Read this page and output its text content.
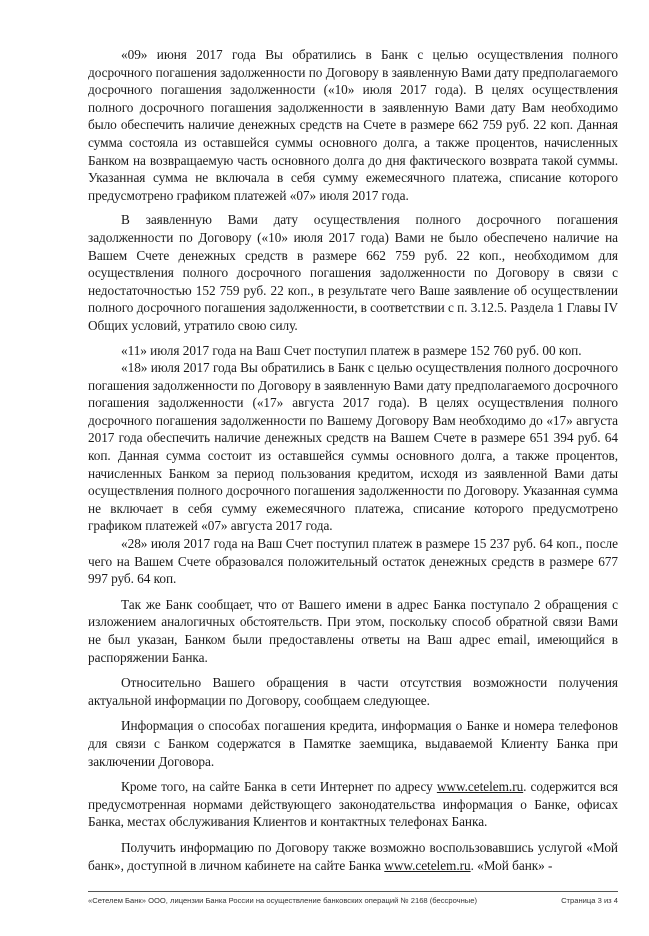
«09» июня 2017 года Вы обратились в Банк с целью осуществления полного досрочного погашения задолженности по Договору в заявленную Вами дату предполагаемого досрочного погашения задолженности («10» июля 2017 года). В целях осуществления полного досрочного погашения задолженности в заявленную Вами дату Вам необходимо было обеспечить наличие денежных средств на Счете в размере 662 759 руб. 22 коп. Данная сумма состояла из оставшейся суммы основного долга, а также процентов, начисленных Банком на возвращаемую часть основного долга до дня фактического возврата такой суммы. Указанная сумма не включала в себя сумму ежемесячного платежа, списание которого предусмотрено графиком платежей «07» июля 2017 года.

В заявленную Вами дату осуществления полного досрочного погашения задолженности по Договору («10» июля 2017 года) Вами не было обеспечено наличие на Вашем Счете денежных средств в размере 662 759 руб. 22 коп., необходимом для осуществления полного досрочного погашения задолженности по Договору в связи с недостаточностью 152 759 руб. 22 коп., в результате чего Ваше заявление об осуществлении полного досрочного погашения задолженности, в соответствии с п. 3.12.5. Раздела 1 Главы IV Общих условий, утратило свою силу.

«11» июля 2017 года на Ваш Счет поступил платеж в размере 152 760 руб. 00 коп.

«18» июля 2017 года Вы обратились в Банк с целью осуществления полного досрочного погашения задолженности по Договору в заявленную Вами дату предполагаемого досрочного погашения задолженности («17» августа 2017 года). В целях осуществления полного досрочного погашения задолженности по Вашему Договору Вам необходимо до «17» августа 2017 года обеспечить наличие денежных средств на Вашем Счете в размере 651 394 руб. 64 коп. Данная сумма состоит из оставшейся суммы основного долга, а также процентов, начисленных Банком за период пользования кредитом, исходя из заявленной Вами даты осуществления полного досрочного погашения задолженности по Договору. Указанная сумма не включает в себя сумму ежемесячного платежа, списание которого предусмотрено графиком платежей «07» августа 2017 года.

«28» июля 2017 года на Ваш Счет поступил платеж в размере 15 237 руб. 64 коп., после чего на Вашем Счете образовался положительный остаток денежных средств в размере 677 997 руб. 64 коп.

Так же Банк сообщает, что от Вашего имени в адрес Банка поступало 2 обращения с изложением аналогичных обстоятельств. При этом, поскольку способ обратной связи Вами не был указан, Банком были предоставлены ответы на Ваш адрес email, имеющийся в распоряжении Банка.

Относительно Вашего обращения в части отсутствия возможности получения актуальной информации по Договору, сообщаем следующее.

Информация о способах погашения кредита, информация о Банке и номера телефонов для связи с Банком содержатся в Памятке заемщика, выдаваемой Клиенту Банка при заключении Договора.

Кроме того, на сайте Банка в сети Интернет по адресу www.cetelem.ru. содержится вся предусмотренная нормами действующего законодательства информация о Банке, офисах Банка, местах обслуживания Клиентов и контактных телефонах Банка.

Получить информацию по Договору также возможно воспользовавшись услугой «Мой банк», доступной в личном кабинете на сайте Банка www.cetelem.ru. «Мой банк» -

«Сетелем Банк» ООО, лицензии Банка России на осуществление банковских операций № 2168 (бессрочные)	Страница 3 из 4
